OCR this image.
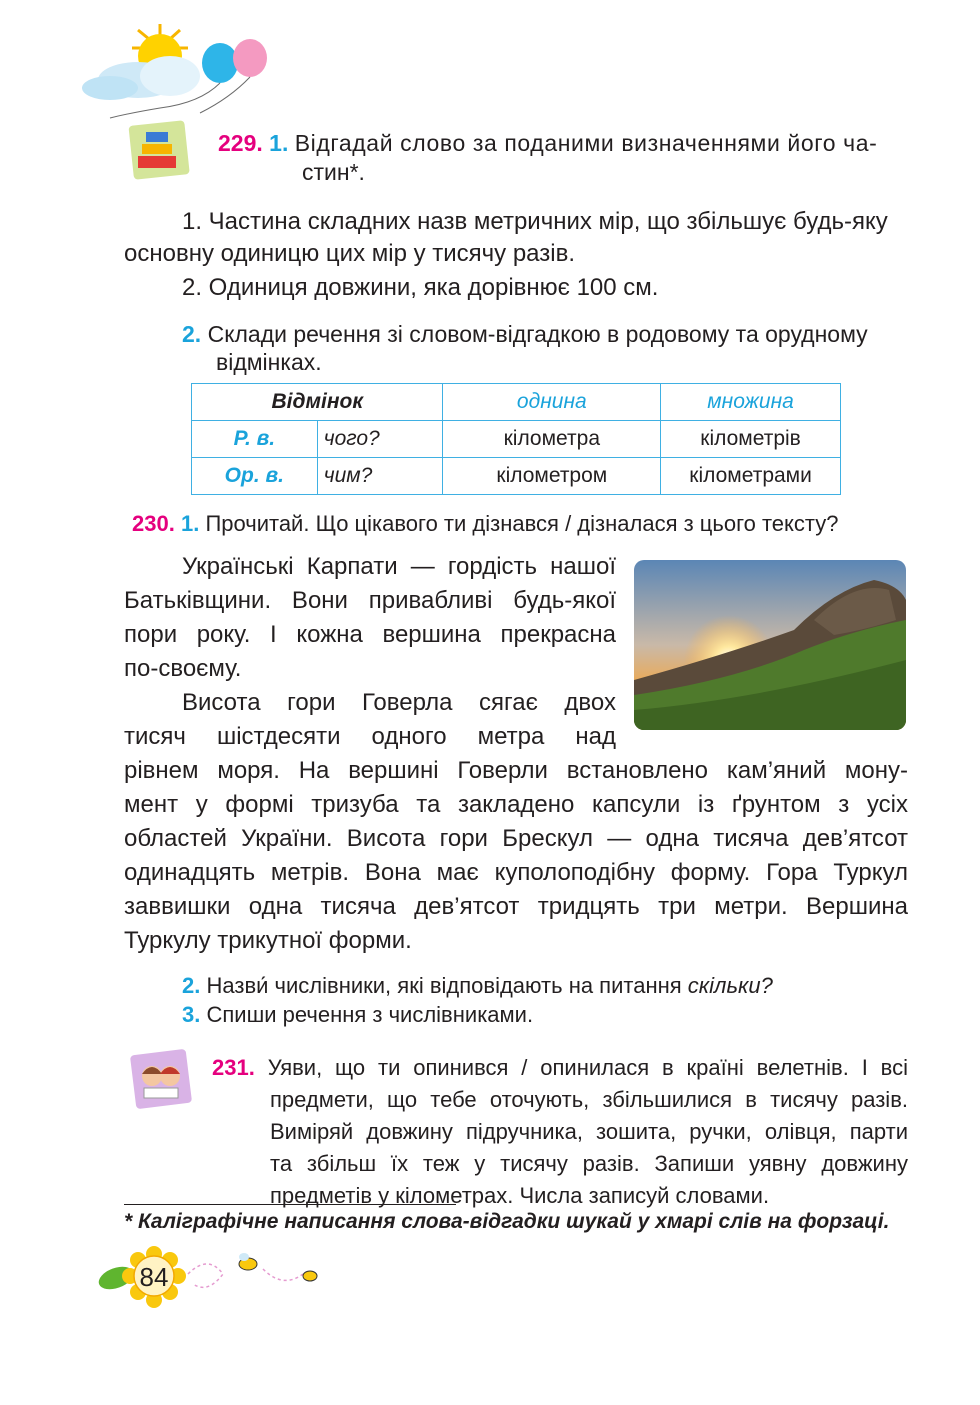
229. 1. Відгадай слово за поданими визначеннями його ча-
стин*.
1. Частина складних назв метричних мір, що збільшує будь-яку
основну одиницю цих мір у тисячу разів.
2. Одиниця довжини, яка дорівнює 100 см.
2. Склади речення зі словом-відгадкою в родовому та орудному
відмінках.
Відмінок		однина	множина
Р. в.	чого?	кілометра	кілометрів
Ор. в.	чим?	кілометром	кілометрами
230. 1. Прочитай. Що цікавого ти дізнався / дізналася з цього тексту?
Українські Карпати — гордість нашої
Батьківщини. Вони привабливі будь-якої
пори року. І кожна вершина прекрасна
по-своєму.
Висота гори Говерла сягає двох
тисяч шістдесяти одного метра над
рівнем моря. На вершині Говерли встановлено кам’яний мону-
мент у формі тризуба та закладено капсули із ґрунтом з усіх
областей України. Висота гори Брескул — одна тисяча дев’ятсот
одинадцять метрів. Вона має куполоподібну форму. Гора Туркул
заввишки одна тисяча дев’ятсот тридцять три метри. Вершина
Туркулу трикутної форми.
2. Назви́ числівники, які відповідають на питання скільки?
3. Спиши речення з числівниками.
231. Уяви, що ти опинився / опинилася в країні велетнів. І всі
предмети, що тебе оточують, збільшилися в тисячу разів.
Виміряй довжину підручника, зошита, ручки, олівця, парти
та збільш їх теж у тисячу разів. Запиши уявну довжину
предметів у кілометрах. Числа записуй словами.
* Каліграфічне написання слова-відгадки шукай у хмарі слів на форзаці.
84
